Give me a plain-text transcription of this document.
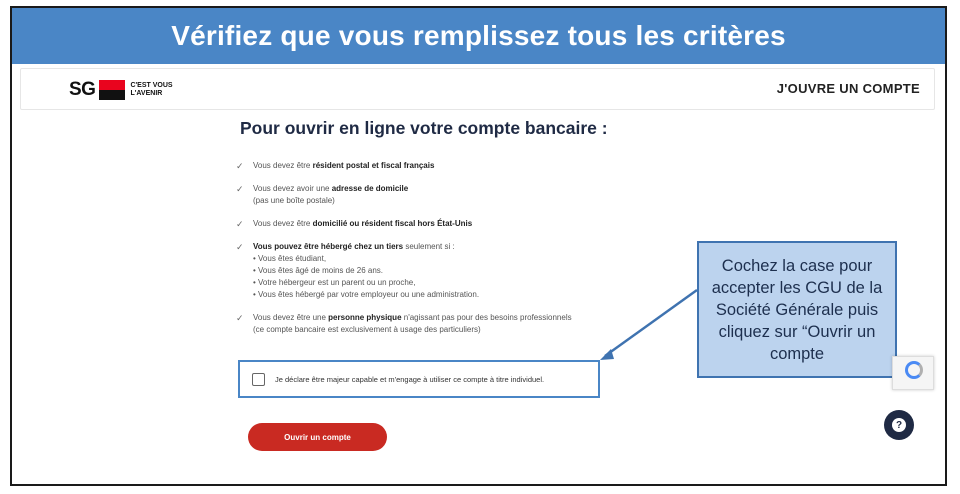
Vérifiez que vous remplissez tous les critères
SG	C'EST VOUS
L'AVENIR	J'OUVRE UN COMPTE
Pour ouvrir en ligne votre compte bancaire :
✓ Vous devez être résident postal et fiscal français
✓ Vous devez avoir une adresse de domicile
(pas une boîte postale)
✓ Vous devez être domicilié ou résident fiscal hors État-Unis
✓ Vous pouvez être hébergé chez un tiers seulement si :
• Vous êtes étudiant,
• Vous êtes âgé de moins de 26 ans.
• Votre hébergeur est un parent ou un proche,
• Vous êtes hébergé par votre employeur ou une administration.
✓ Vous devez être une personne physique n'agissant pas pour des besoins professionnels
(ce compte bancaire est exclusivement à usage des particuliers)
Je déclare être majeur capable et m'engage à utiliser ce compte à titre individuel.
Ouvrir un compte
Cochez la case pour accepter les CGU de la Société Générale puis cliquez sur “Ouvrir un compte
?
